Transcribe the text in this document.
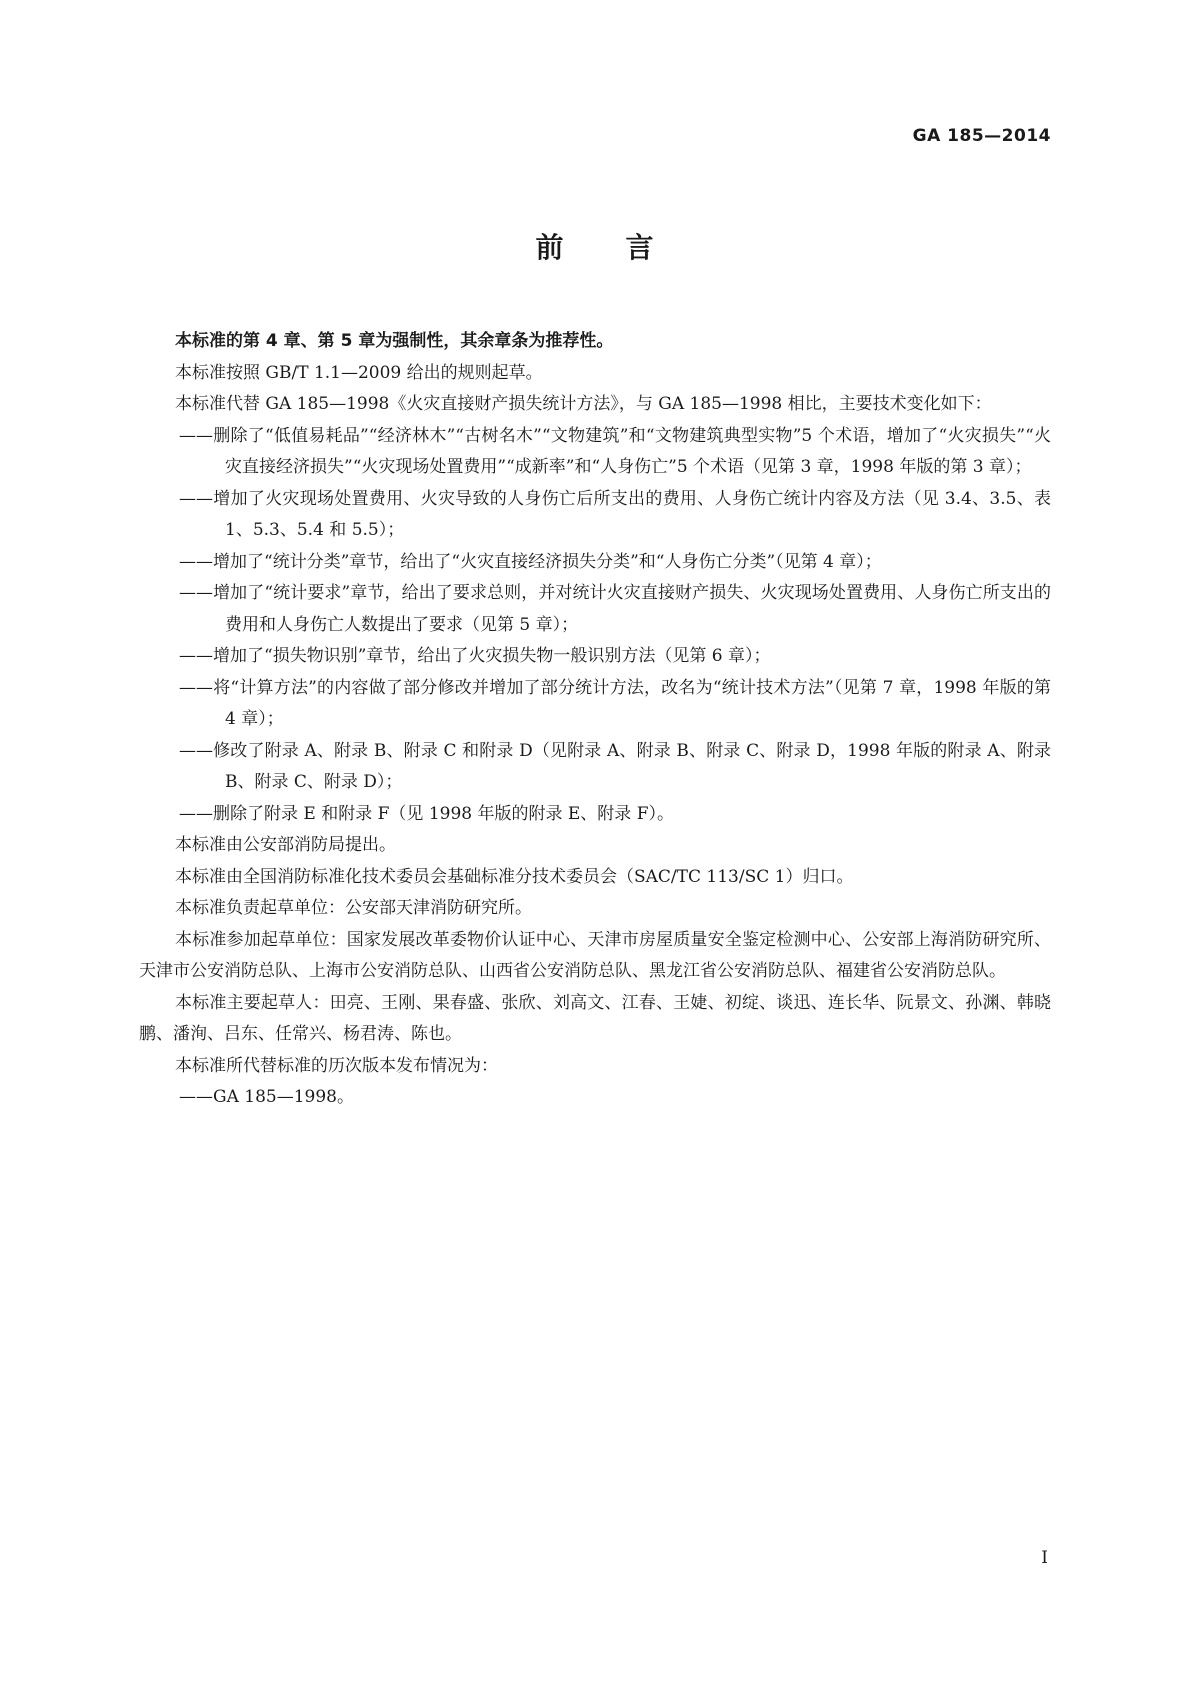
GA 185—2014
前　　言

本标准的第 4 章、第 5 章为强制性，其余章条为推荐性。

本标准按照 GB/T 1.1—2009 给出的规则起草。

本标准代替 GA 185—1998《火灾直接财产损失统计方法》，与 GA 185—1998 相比，主要技术变化如下：

——删除了“低值易耗品”“经济林木”“古树名木”“文物建筑”和“文物建筑典型实物”5 个术语，增加了“火灾损失”“火灾直接经济损失”“火灾现场处置费用”“成新率”和“人身伤亡”5 个术语（见第 3 章，1998 年版的第 3 章）；

——增加了火灾现场处置费用、火灾导致的人身伤亡后所支出的费用、人身伤亡统计内容及方法（见 3.4、3.5、表 1、5.3、5.4 和 5.5）；

——增加了“统计分类”章节，给出了“火灾直接经济损失分类”和“人身伤亡分类”（见第 4 章）；

——增加了“统计要求”章节，给出了要求总则，并对统计火灾直接财产损失、火灾现场处置费用、人身伤亡所支出的费用和人身伤亡人数提出了要求（见第 5 章）；

——增加了“损失物识别”章节，给出了火灾损失物一般识别方法（见第 6 章）；

——将“计算方法”的内容做了部分修改并增加了部分统计方法，改名为“统计技术方法”（见第 7 章，1998 年版的第 4 章）；

——修改了附录 A、附录 B、附录 C 和附录 D（见附录 A、附录 B、附录 C、附录 D，1998 年版的附录 A、附录 B、附录 C、附录 D）；

——删除了附录 E 和附录 F（见 1998 年版的附录 E、附录 F）。

本标准由公安部消防局提出。

本标准由全国消防标准化技术委员会基础标准分技术委员会（SAC/TC 113/SC 1）归口。

本标准负责起草单位：公安部天津消防研究所。

本标准参加起草单位：国家发展改革委物价认证中心、天津市房屋质量安全鉴定检测中心、公安部上海消防研究所、天津市公安消防总队、上海市公安消防总队、山西省公安消防总队、黑龙江省公安消防总队、福建省公安消防总队。

本标准主要起草人：田亮、王刚、果春盛、张欣、刘高文、江春、王婕、初绽、谈迅、连长华、阮景文、孙渊、韩晓鹏、潘洵、吕东、任常兴、杨君涛、陈也。

本标准所代替标准的历次版本发布情况为：

——GA 185—1998。

I
